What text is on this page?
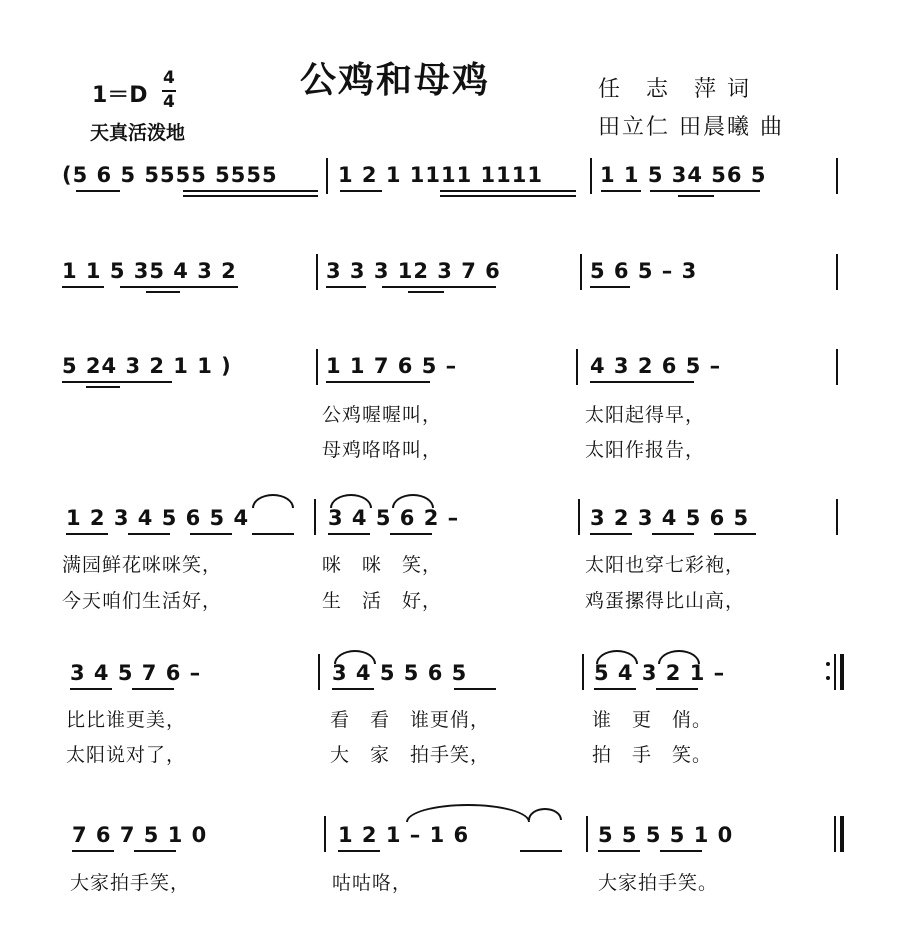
公鸡和母鸡
1＝D
4
4
天真活泼地
任　志　萍 词
田立仁 田晨曦 曲
(5 6 5 5555 5555	1 2 1 1111 1111	1 1 5 34 56 5
1 1 5 35 4 3 2	3 3 3 12 3 7 6	5 6 5 – 3
5 24 3 2 1 1 )	1 1 7 6 5 –	4 3 2 6 5 –
公鸡喔喔叫，	太阳起得早，
母鸡咯咯叫，	太阳作报告，
1 2 3 4 5 6 5 4	3 4 5 6 2 –	3 2 3 4 5 6 5
满园鲜花咪咪笑，	咪　咪　笑，	太阳也穿七彩袍，
今天咱们生活好，	生　活　好，	鸡蛋摞得比山高，
3 4 5 7 6 –	3 4 5 5 6 5	5 4 3 2 1 –
比比谁更美，	看　看　谁更俏，	谁　更　俏。
太阳说对了，	大　家　拍手笑，	拍　手　笑。
7 6 7 5 1 0	1 2 1 – 1 6	5 5 5 5 1 0
大家拍手笑，	咕咕咯，	大家拍手笑。
